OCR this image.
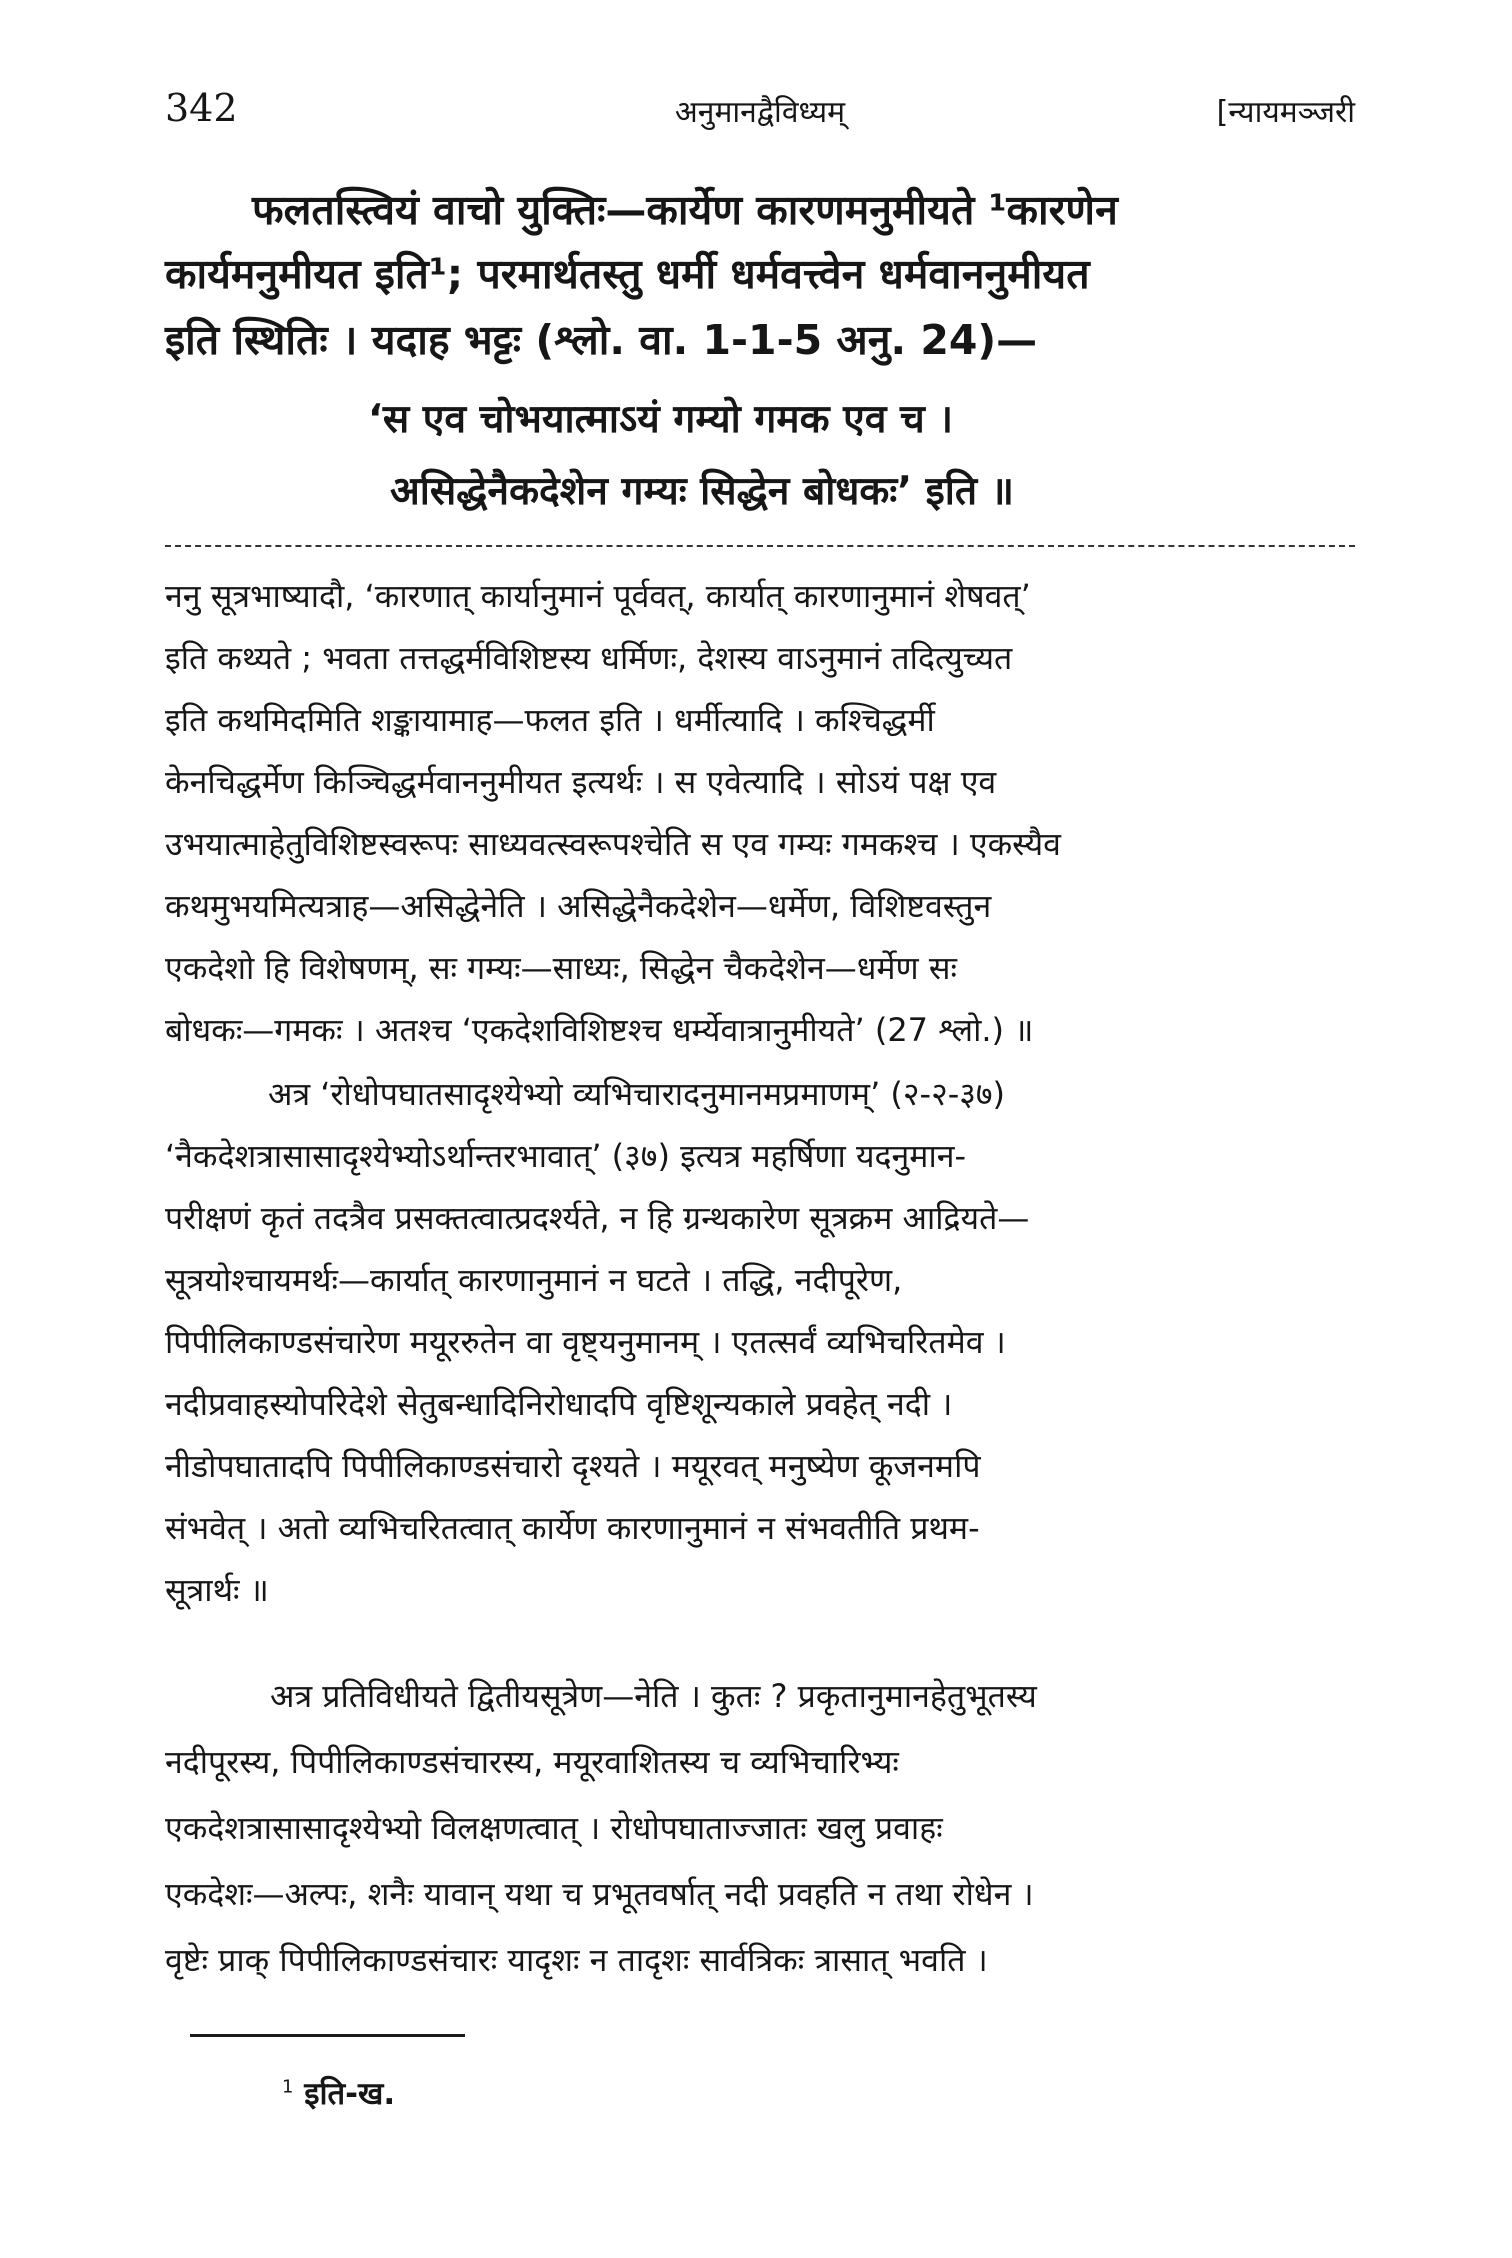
342	अनुमानद्वैविध्यम्	[न्यायमञ्जरी
फलतस्त्वियं वाचो युक्तिः—कार्येण कारणमनुमीयते ¹कारणेन
कार्यमनुमीयत इति¹; परमार्थतस्तु धर्मी धर्मवत्त्वेन धर्मवाननुमीयत
इति स्थितिः । यदाह भट्टः (श्लो. वा. 1-1-5 अनु. 24)—
‘स एव चोभयात्माऽयं गम्यो गमक एव च ।
असिद्धेनैकदेशेन गम्यः सिद्धेन बोधकः’ इति ॥
ननु सूत्रभाष्यादौ, ‘कारणात् कार्यानुमानं पूर्ववत्, कार्यात् कारणानुमानं शेषवत्’
इति कथ्यते ; भवता तत्तद्धर्मविशिष्टस्य धर्मिणः, देशस्य वाऽनुमानं तदित्युच्यत
इति कथमिदमिति शङ्कायामाह—फलत इति । धर्मीत्यादि । कश्चिद्धर्मी
केनचिद्धर्मेण किञ्चिद्धर्मवाननुमीयत इत्यर्थः । स एवेत्यादि । सोऽयं पक्ष एव
उभयात्माहेतुविशिष्टस्वरूपः साध्यवत्स्वरूपश्चेति स एव गम्यः गमकश्च । एकस्यैव
कथमुभयमित्यत्राह—असिद्धेनेति । असिद्धेनैकदेशेन—धर्मेण, विशिष्टवस्तुन
एकदेशो हि विशेषणम्, सः गम्यः—साध्यः, सिद्धेन चैकदेशेन—धर्मेण सः
बोधकः—गमकः । अतश्च ‘एकदेशविशिष्टश्च धर्म्येवात्रानुमीयते’ (27 श्लो.) ॥
अत्र ‘रोधोपघातसादृश्येभ्यो व्यभिचारादनुमानमप्रमाणम्’ (२-२-३७)
‘नैकदेशत्रासासादृश्येभ्योऽर्थान्तरभावात्’ (३७) इत्यत्र महर्षिणा यदनुमान-
परीक्षणं कृतं तदत्रैव प्रसक्तत्वात्प्रदर्श्यते, न हि ग्रन्थकारेण सूत्रक्रम आद्रियते—
सूत्रयोश्चायमर्थः—कार्यात् कारणानुमानं न घटते । तद्धि, नदीपूरेण,
पिपीलिकाण्डसंचारेण मयूररुतेन वा वृष्ट्यनुमानम् । एतत्सर्वं व्यभिचरितमेव ।
नदीप्रवाहस्योपरिदेशे सेतुबन्धादिनिरोधादपि वृष्टिशून्यकाले प्रवहेत् नदी ।
नीडोपघातादपि पिपीलिकाण्डसंचारो दृश्यते । मयूरवत् मनुष्येण कूजनमपि
संभवेत् । अतो व्यभिचरितत्वात् कार्येण कारणानुमानं न संभवतीति प्रथम-
सूत्रार्थः ॥
अत्र प्रतिविधीयते द्वितीयसूत्रेण—नेति । कुतः ? प्रकृतानुमानहेतुभूतस्य
नदीपूरस्य, पिपीलिकाण्डसंचारस्य, मयूरवाशितस्य च व्यभिचारिभ्यः
एकदेशत्रासासादृश्येभ्यो विलक्षणत्वात् । रोधोपघाताज्जातः खलु प्रवाहः
एकदेशः—अल्पः, शनैः यावान् यथा च प्रभूतवर्षात् नदी प्रवहति न तथा रोधेन ।
वृष्टेः प्राक् पिपीलिकाण्डसंचारः यादृशः न तादृशः सार्वत्रिकः त्रासात् भवति ।
$^1$ इति-ख.
